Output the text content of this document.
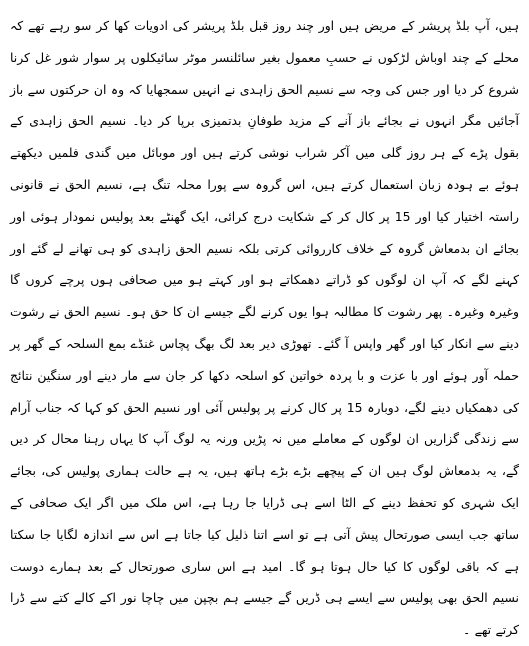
ہیں، آپ بلڈ پریشر کے مریض ہیں اور چند روز قبل بلڈ پریشر کی ادویات کھا کر سو رہے تھے کہ محلے کے چند اوباش لڑکوں نے حسبِ معمول بغیر سائلنسر موٹر سائیکلوں پر سوار شور غل کرنا شروع کر دیا اور جس کی وجہ سے نسیم الحق زاہدی نے انہیں سمجھایا کہ وہ ان حرکتوں سے باز آجائیں مگر انہوں نے بجائے باز آنے کے مزید طوفانِ بدتمیزی برپا کر دیا۔ نسیم الحق زاہدی کے بقول پڑے کے ہر روز گلی میں آکر شراب نوشی کرتے ہیں اور موبائل میں گندی فلمیں دیکھتے ہوئے بے ہودہ زبان استعمال کرتے ہیں، اس گروہ سے پورا محلہ تنگ ہے، نسیم الحق نے قانونی راستہ اختیار کیا اور 15 پر کال کر کے شکایت درج کرائی، ایک گھنٹے بعد پولیس نمودار ہوئی اور بجائے ان بدمعاش گروہ کے خلاف کارروائی کرتی بلکہ نسیم الحق زاہدی کو ہی تھانے لے گئے اور کہنے لگے کہ آپ ان لوگوں کو ڈراتے دھمکاتے ہو اور کہتے ہو میں صحافی ہوں پرچے کروں گا وغیرہ وغیرہ۔ پھر رشوت کا مطالبہ ہوا یوں کرنے لگے جیسے ان کا حق ہو۔ نسیم الحق نے رشوت دینے سے انکار کیا اور گھر واپس آ گئے۔ تھوڑی دیر بعد لگ بھگ پچاس غنڈے بمع السلحہ کے گھر پر حملہ آور ہوئے اور با عزت و با پردہ خواتین کو اسلحہ دکھا کر جان سے مار دینے اور سنگین نتائج کی دھمکیاں دینے لگے، دوبارہ 15 پر کال کرنے پر پولیس آئی اور نسیم الحق کو کہا کہ جناب آرام سے زندگی گزاریں ان لوگوں کے معاملے میں نہ پڑیں ورنہ یہ لوگ آپ کا یہاں رہنا محال کر دیں گے، یہ بدمعاش لوگ ہیں ان کے پیچھے بڑے بڑے ہاتھ ہیں، یہ ہے حالت ہماری پولیس کی، بجائے ایک شہری کو تحفظ دینے کے الٹا اسے ہی ڈرایا جا رہا ہے، اس ملک میں اگر ایک صحافی کے ساتھ جب ایسی صورتحال پیش آتی ہے تو اسے اتنا ذلیل کیا جاتا ہے اس سے اندازہ لگایا جا سکتا ہے کہ باقی لوگوں کا کیا حال ہوتا ہو گا۔ امید ہے اس ساری صورتحال کے بعد ہمارے دوست نسیم الحق بھی پولیس سے ایسے ہی ڈریں گے جیسے ہم بچپن میں چاچا نور اکے کالے کتے سے ڈرا کرتے تھے ۔
